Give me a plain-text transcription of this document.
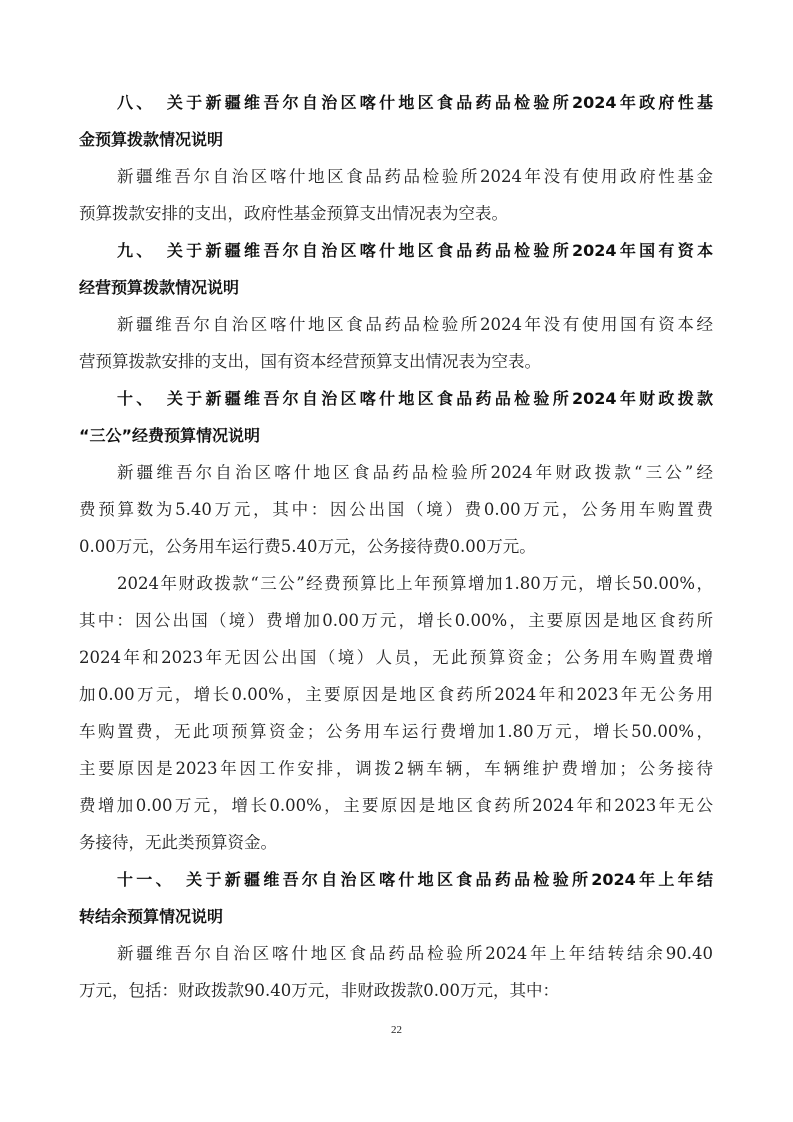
八、　关于新疆维吾尔自治区喀什地区食品药品检验所2024年政府性基
金预算拨款情况说明
新疆维吾尔自治区喀什地区食品药品检验所2024年没有使用政府性基金
预算拨款安排的支出，政府性基金预算支出情况表为空表。
九、　关于新疆维吾尔自治区喀什地区食品药品检验所2024年国有资本
经营预算拨款情况说明
新疆维吾尔自治区喀什地区食品药品检验所2024年没有使用国有资本经
营预算拨款安排的支出，国有资本经营预算支出情况表为空表。
十、　关于新疆维吾尔自治区喀什地区食品药品检验所2024年财政拨款
“三公”经费预算情况说明
新疆维吾尔自治区喀什地区食品药品检验所2024年财政拨款“三公”经
费预算数为5.40万元，其中：因公出国（境）费0.00万元，公务用车购置费
0.00万元，公务用车运行费5.40万元，公务接待费0.00万元。
2024年财政拨款“三公”经费预算比上年预算增加1.80万元，增长50.00%，
其中：因公出国（境）费增加0.00万元，增长0.00%，主要原因是地区食药所
2024年和2023年无因公出国（境）人员，无此预算资金；公务用车购置费增
加0.00万元，增长0.00%，主要原因是地区食药所2024年和2023年无公务用
车购置费，无此项预算资金；公务用车运行费增加1.80万元，增长50.00%，
主要原因是2023年因工作安排，调拨2辆车辆，车辆维护费增加；公务接待
费增加0.00万元，增长0.00%，主要原因是地区食药所2024年和2023年无公
务接待，无此类预算资金。
十一、　关于新疆维吾尔自治区喀什地区食品药品检验所2024年上年结
转结余预算情况说明
新疆维吾尔自治区喀什地区食品药品检验所2024年上年结转结余90.40
万元，包括：财政拨款90.40万元，非财政拨款0.00万元，其中：
22
